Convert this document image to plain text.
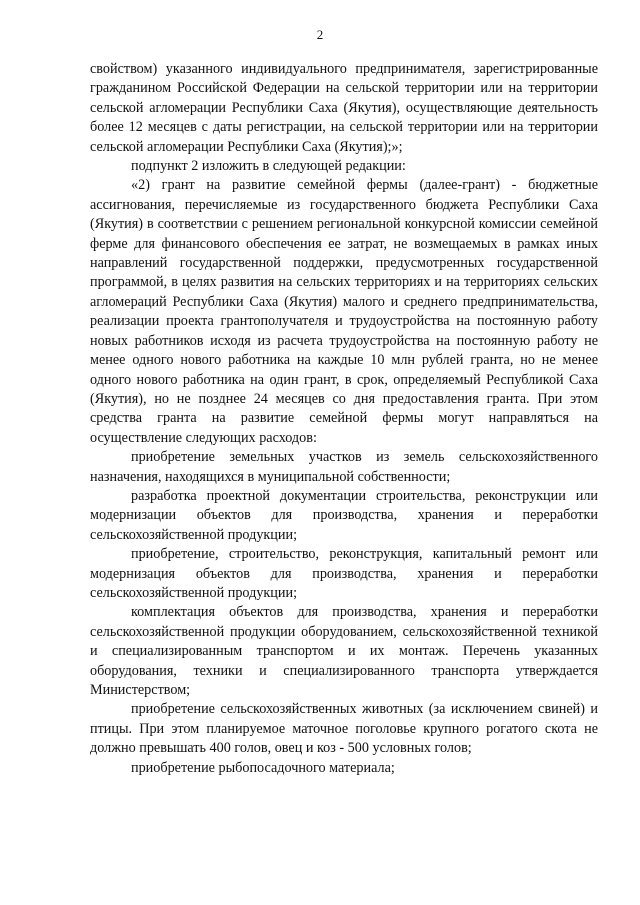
2

свойством) указанного индивидуального предпринимателя, зарегистрированные гражданином Российской Федерации на сельской территории или на территории сельской агломерации Республики Саха (Якутия), осуществляющие деятельность более 12 месяцев с даты регистрации, на сельской территории или на территории сельской агломерации Республики Саха (Якутия);»;

подпункт 2 изложить в следующей редакции:

«2) грант на развитие семейной фермы (далее-грант) - бюджетные ассигнования, перечисляемые из государственного бюджета Республики Саха (Якутия) в соответствии с решением региональной конкурсной комиссии семейной ферме для финансового обеспечения ее затрат, не возмещаемых в рамках иных направлений государственной поддержки, предусмотренных государственной программой, в целях развития на сельских территориях и на территориях сельских агломераций Республики Саха (Якутия) малого и среднего предпринимательства, реализации проекта грантополучателя и трудоустройства на постоянную работу новых работников исходя из расчета трудоустройства на постоянную работу не менее одного нового работника на каждые 10 млн рублей гранта, но не менее одного нового работника на один грант, в срок, определяемый Республикой Саха (Якутия), но не позднее 24 месяцев со дня предоставления гранта. При этом средства гранта на развитие семейной фермы могут направляться на осуществление следующих расходов:

приобретение земельных участков из земель сельскохозяйственного назначения, находящихся в муниципальной собственности;

разработка проектной документации строительства, реконструкции или модернизации объектов для производства, хранения и переработки сельскохозяйственной продукции;

приобретение, строительство, реконструкция, капитальный ремонт или модернизация объектов для производства, хранения и переработки сельскохозяйственной продукции;

комплектация объектов для производства, хранения и переработки сельскохозяйственной продукции оборудованием, сельскохозяйственной техникой и специализированным транспортом и их монтаж. Перечень указанных оборудования, техники и специализированного транспорта утверждается Министерством;

приобретение сельскохозяйственных животных (за исключением свиней) и птицы. При этом планируемое маточное поголовье крупного рогатого скота не должно превышать 400 голов, овец и коз - 500 условных голов;

приобретение рыбопосадочного материала;
